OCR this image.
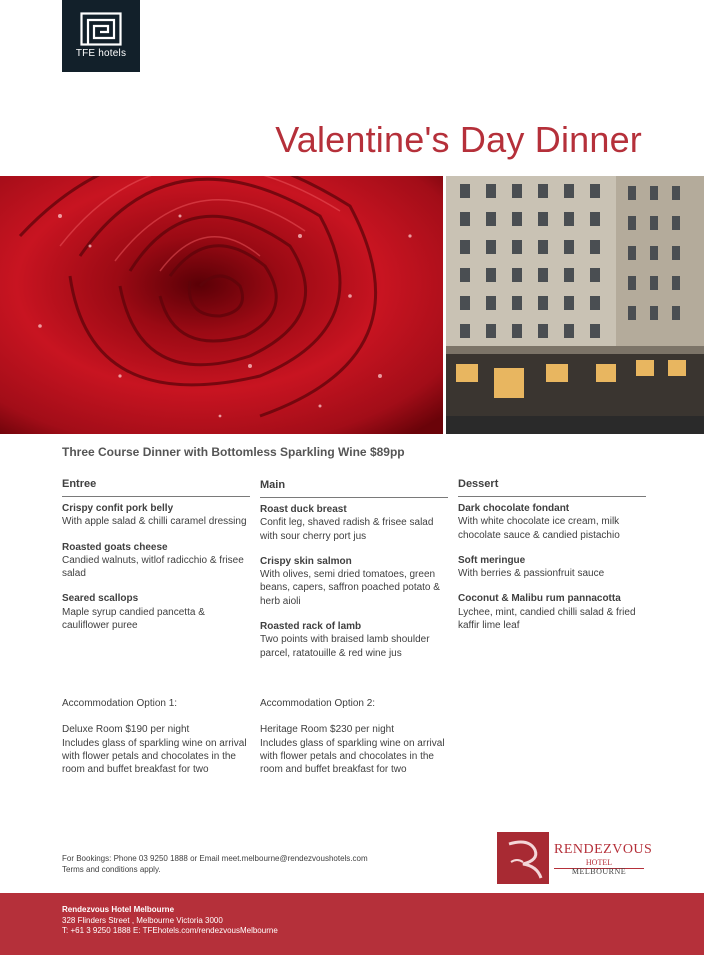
TFE hotels
Valentine's Day Dinner
Three Course Dinner with Bottomless Sparkling Wine $89pp
Entree	Main	Dessert
Crispy confit pork belly
With apple salad & chilli caramel dressing
Roasted goats cheese
Candied walnuts, witlof radicchio & frisee salad
Seared scallops
Maple syrup candied pancetta & cauliflower puree
Roast duck breast
Confit leg, shaved radish & frisee salad with sour cherry port jus
Crispy skin salmon
With olives, semi dried tomatoes, green beans, capers, saffron poached potato & herb aioli
Roasted rack of lamb
Two points with braised lamb shoulder parcel, ratatouille & red wine jus
Dark chocolate fondant
With white chocolate ice cream, milk chocolate sauce & candied pistachio
Soft meringue
With berries & passionfruit sauce
Coconut & Malibu rum pannacotta
Lychee, mint, candied chilli salad & fried kaffir lime leaf

Accommodation Option 1:

Deluxe Room $190 per night

Includes glass of sparkling wine on arrival with flower petals and chocolates in the room and buffet breakfast for two

Accommodation Option 2:

Heritage Room $230 per night

Includes glass of sparkling wine on arrival with flower petals and chocolates in the room and buffet breakfast for two

For Bookings: Phone 03 9250 1888 or Email meet.melbourne@rendezvoushotels.com
Terms and conditions apply.
RENDEZVOUS
HOTEL
MELBOURNE
Rendezvous Hotel Melbourne
328 Flinders Street , Melbourne Victoria 3000
T: +61 3 9250 1888 E: TFEhotels.com/rendezvousMelbourne
